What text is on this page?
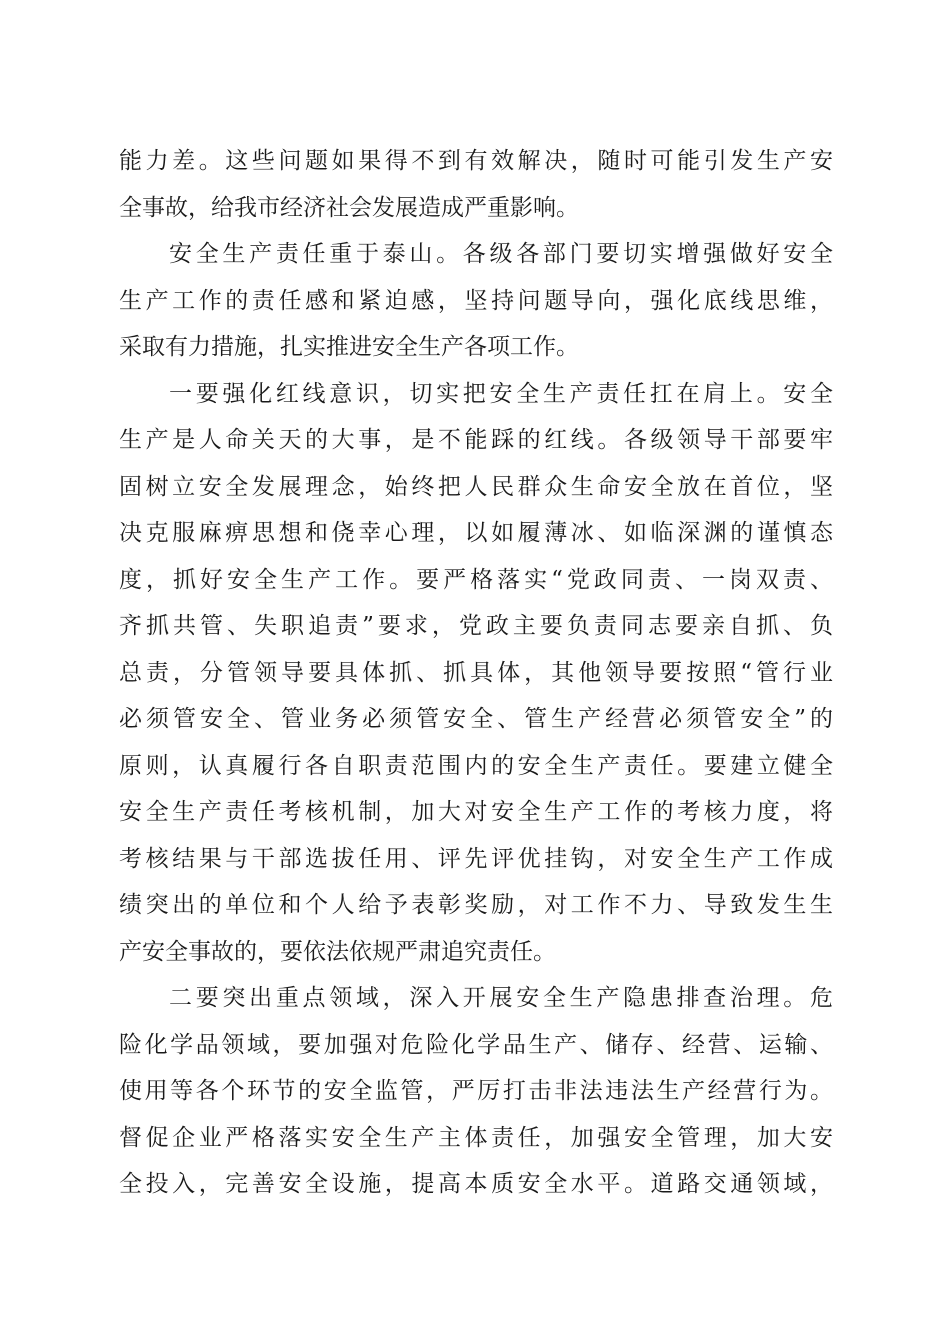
能力差。这些问题如果得不到有效解决，随时可能引发生产安
全事故，给我市经济社会发展造成严重影响。
安全生产责任重于泰山。各级各部门要切实增强做好安全
生产工作的责任感和紧迫感，坚持问题导向，强化底线思维，
采取有力措施，扎实推进安全生产各项工作。
一要强化红线意识，切实把安全生产责任扛在肩上。安全
生产是人命关天的大事，是不能踩的红线。各级领导干部要牢
固树立安全发展理念，始终把人民群众生命安全放在首位，坚
决克服麻痹思想和侥幸心理，以如履薄冰、如临深渊的谨慎态
度，抓好安全生产工作。要严格落实“党政同责、一岗双责、
齐抓共管、失职追责”要求，党政主要负责同志要亲自抓、负
总责，分管领导要具体抓、抓具体，其他领导要按照“管行业
必须管安全、管业务必须管安全、管生产经营必须管安全”的
原则，认真履行各自职责范围内的安全生产责任。要建立健全
安全生产责任考核机制，加大对安全生产工作的考核力度，将
考核结果与干部选拔任用、评先评优挂钩，对安全生产工作成
绩突出的单位和个人给予表彰奖励，对工作不力、导致发生生
产安全事故的，要依法依规严肃追究责任。
二要突出重点领域，深入开展安全生产隐患排查治理。危
险化学品领域，要加强对危险化学品生产、储存、经营、运输、
使用等各个环节的安全监管，严厉打击非法违法生产经营行为。
督促企业严格落实安全生产主体责任，加强安全管理，加大安
全投入，完善安全设施，提高本质安全水平。道路交通领域，
